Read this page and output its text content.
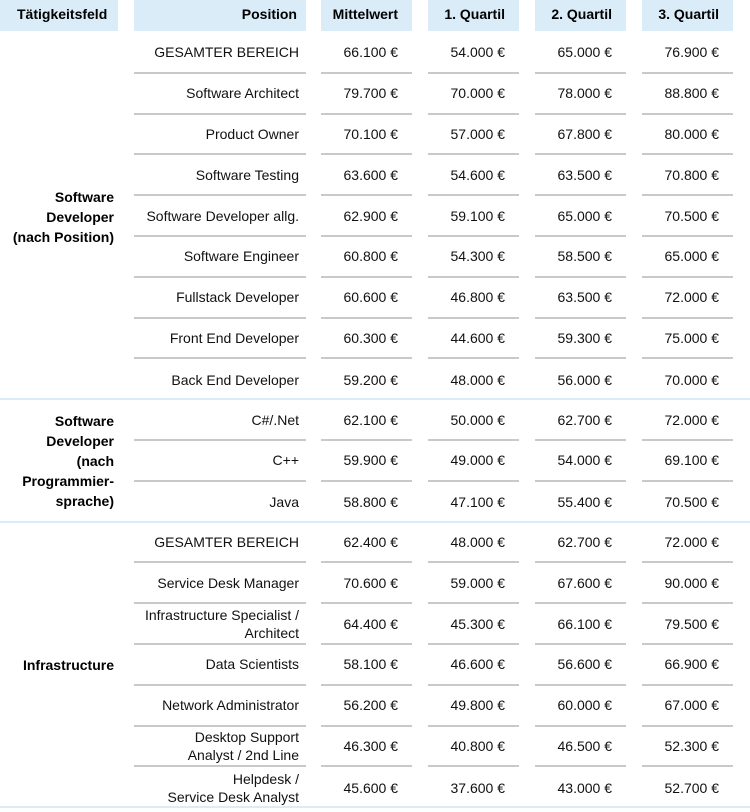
Tätigkeitsfeld	Position	Mittelwert	1. Quartil	2. Quartil	3. Quartil
Software
Developer
(nach Position)
GESAMTER BEREICH	66.100 €	54.000 €	65.000 €	76.900 €
Software Architect	79.700 €	70.000 €	78.000 €	88.800 €
Product Owner	70.100 €	57.000 €	67.800 €	80.000 €
Software Testing	63.600 €	54.600 €	63.500 €	70.800 €
Software Developer allg.	62.900 €	59.100 €	65.000 €	70.500 €
Software Engineer	60.800 €	54.300 €	58.500 €	65.000 €
Fullstack Developer	60.600 €	46.800 €	63.500 €	72.000 €
Front End Developer	60.300 €	44.600 €	59.300 €	75.000 €
Back End Developer	59.200 €	48.000 €	56.000 €	70.000 €
Software
Developer
(nach
Programmier-
sprache)
C#/.Net	62.100 €	50.000 €	62.700 €	72.000 €
C++	59.900 €	49.000 €	54.000 €	69.100 €
Java	58.800 €	47.100 €	55.400 €	70.500 €
Infrastructure
GESAMTER BEREICH	62.400 €	48.000 €	62.700 €	72.000 €
Service Desk Manager	70.600 €	59.000 €	67.600 €	90.000 €
Infrastructure Specialist /
Architect
64.400 €	45.300 €	66.100 €	79.500 €
Data Scientists	58.100 €	46.600 €	56.600 €	66.900 €
Network Administrator	56.200 €	49.800 €	60.000 €	67.000 €
Desktop Support
Analyst / 2nd Line
46.300 €	40.800 €	46.500 €	52.300 €
Helpdesk /
Service Desk Analyst
45.600 €	37.600 €	43.000 €	52.700 €
